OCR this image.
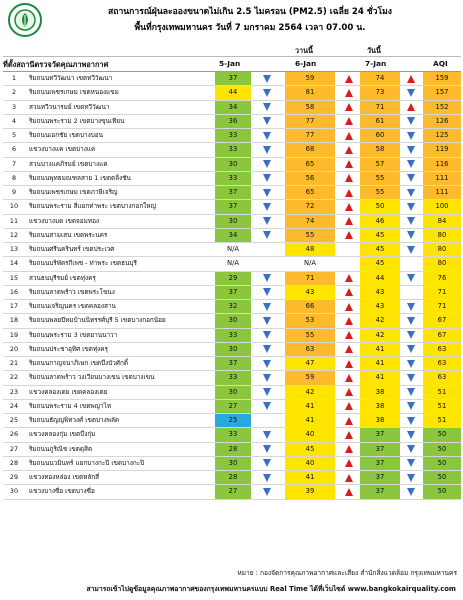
สถานการณ์ฝุ่นละอองขนาดไม่เกิน 2.5 ไมครอน (PM2.5) เฉลี่ย 24 ชั่วโมง
พื้นที่กรุงเทพมหานคร วันที่ 7 มกราคม 2564 เวลา 07.00 น.
วานนี้	วันนี้
ที่ตั้งสถานีตรวจวัดคุณภาพอากาศ	5-Jan	6-Jan	7-Jan	AQI
1	ริมถนนทวีวัฒนา เขตทวีวัฒนา	37	59	74	159
2	ริมถนนเพชรเกษม เขตหนองแขม	44	81	73	157
3	สวนทวีวนารมย์ เขตทวีวัฒนา	34	58	71	152
4	ริมถนนพระราม 2 เขตบางขุนเทียน	36	77	61	126
5	ริมถนนเอกชัย เขตบางบอน	33	77	60	125
6	แขวงบางแค เขตบางแค	33	68	58	119
7	สวนบางแคภิรมย์ เขตบางแค	30	65	57	116
8	ริมถนนพุทธมณฑลสาย 1 เขตตลิ่งชัน	33	56	55	111
9	ริมถนนเพชรเกษม เขตภาษีเจริญ	37	65	55	111
10	ริมถนนพระราม สี่แยกท่าพระ เขตบางกอกใหญ่	37	72	50	100
11	แขวงบางมด เขตจอมทอง	30	74	46	84
12	ริมถนนสามเสน เขตพระนคร	34	55	45	80
13	ริมถนนศรีนครินทร์ เขตประเวศ	N/A	48	45	80
14	ริมถนนบริพัตรกีเพช - ท่าพระ เขตธนบุรี	N/A	N/A	45	80
15	สวนธนบุรีรมย์ เขตทุ่งครุ	29	71	44	76
16	ริมถนนลาดพร้าว เขตพระโขนง	37	43	43	71
17	ริมถนนเจริญนคร เขตคลองสาน	32	66	43	71
18	ริมถนนพลยบีหมบ้านนิทรรศ์บุรี 5 เขตบางกอกน้อย	30	53	42	67
19	ริมถนนพระราม 3 เขตยานนาวา	33	55	42	67
20	ริมถนนประชาอุทิศ เขตทุ่งครุ	30	63	41	63
21	ริมถนนกาญจนาภิเษก เขตบึงบัวศักดิ์	37	47	41	63
22	ริมถนนลาดพร้าว วงเวียนบางเขน เขตบางเขน	33	59	41	63
23	แขวงคลองเตย เขตคลองเตย	30	42	38	51
24	ริมถนนพระราม 4 เขตพญาไท	27	41	38	51
25	ริมถนนธัญญพิทวงศ์ เขตบางพลัด	25	41	38	51
26	แขวงคลองกุ่ม เขตบึงกุ่ม	33	40	37	50
27	ริมถนนภูริณิช เขตดุสิต	28	45	37	50
28	ริมถนนนวมินทร์ แยกบางกะปิ เขตบางกะปิ	30	40	37	50
29	แขวงทองหล่อง เขตหลักสี่	28	41	37	50
30	แขวงบางซื่อ เขตบางซื่อ	27	39	37	50
หมาย : กองจัดการคุณภาพอากาศและเสียง สำนักสิ่งแวดล้อม กรุงเทพมหานคร
สามารถเข้าไปดูข้อมูลคุณภาพอากาศของกรุงเทพมหานครแบบ Real Time ได้ที่เว็บไซต์ www.bangkokairquality.com
